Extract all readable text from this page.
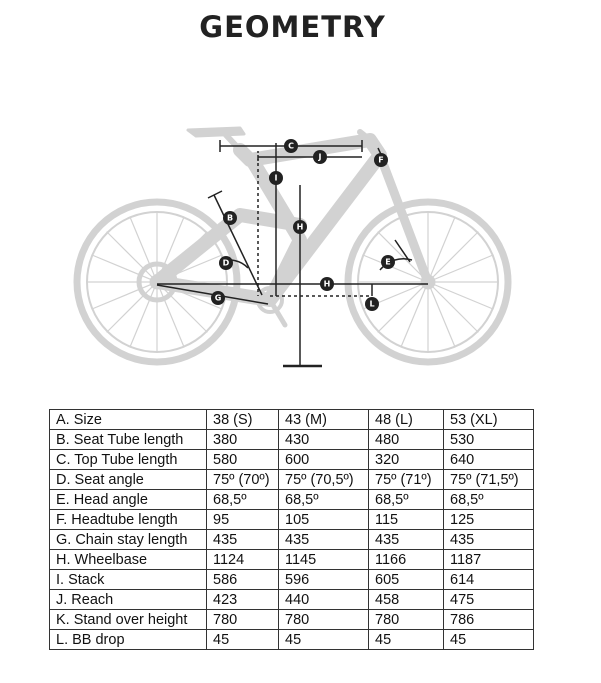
GEOMETRY
C
J	F
I
B
H
D	E
H
G
L
A. Size	38 (S)	43 (M)	48 (L)	53 (XL)
B. Seat Tube length	380	430	480	530
C. Top Tube length	580	600	320	640
D. Seat angle	75º (70º)	75º (70,5º)	75º (71º)	75º (71,5º)
E. Head angle	68,5º	68,5º	68,5º	68,5º
F. Headtube length	95	105	115	125
G. Chain stay length	435	435	435	435
H. Wheelbase	1124	1145	1166	1187
I. Stack	586	596	605	614
J. Reach	423	440	458	475
K. Stand over height	780	780	780	786
L. BB drop	45	45	45	45
